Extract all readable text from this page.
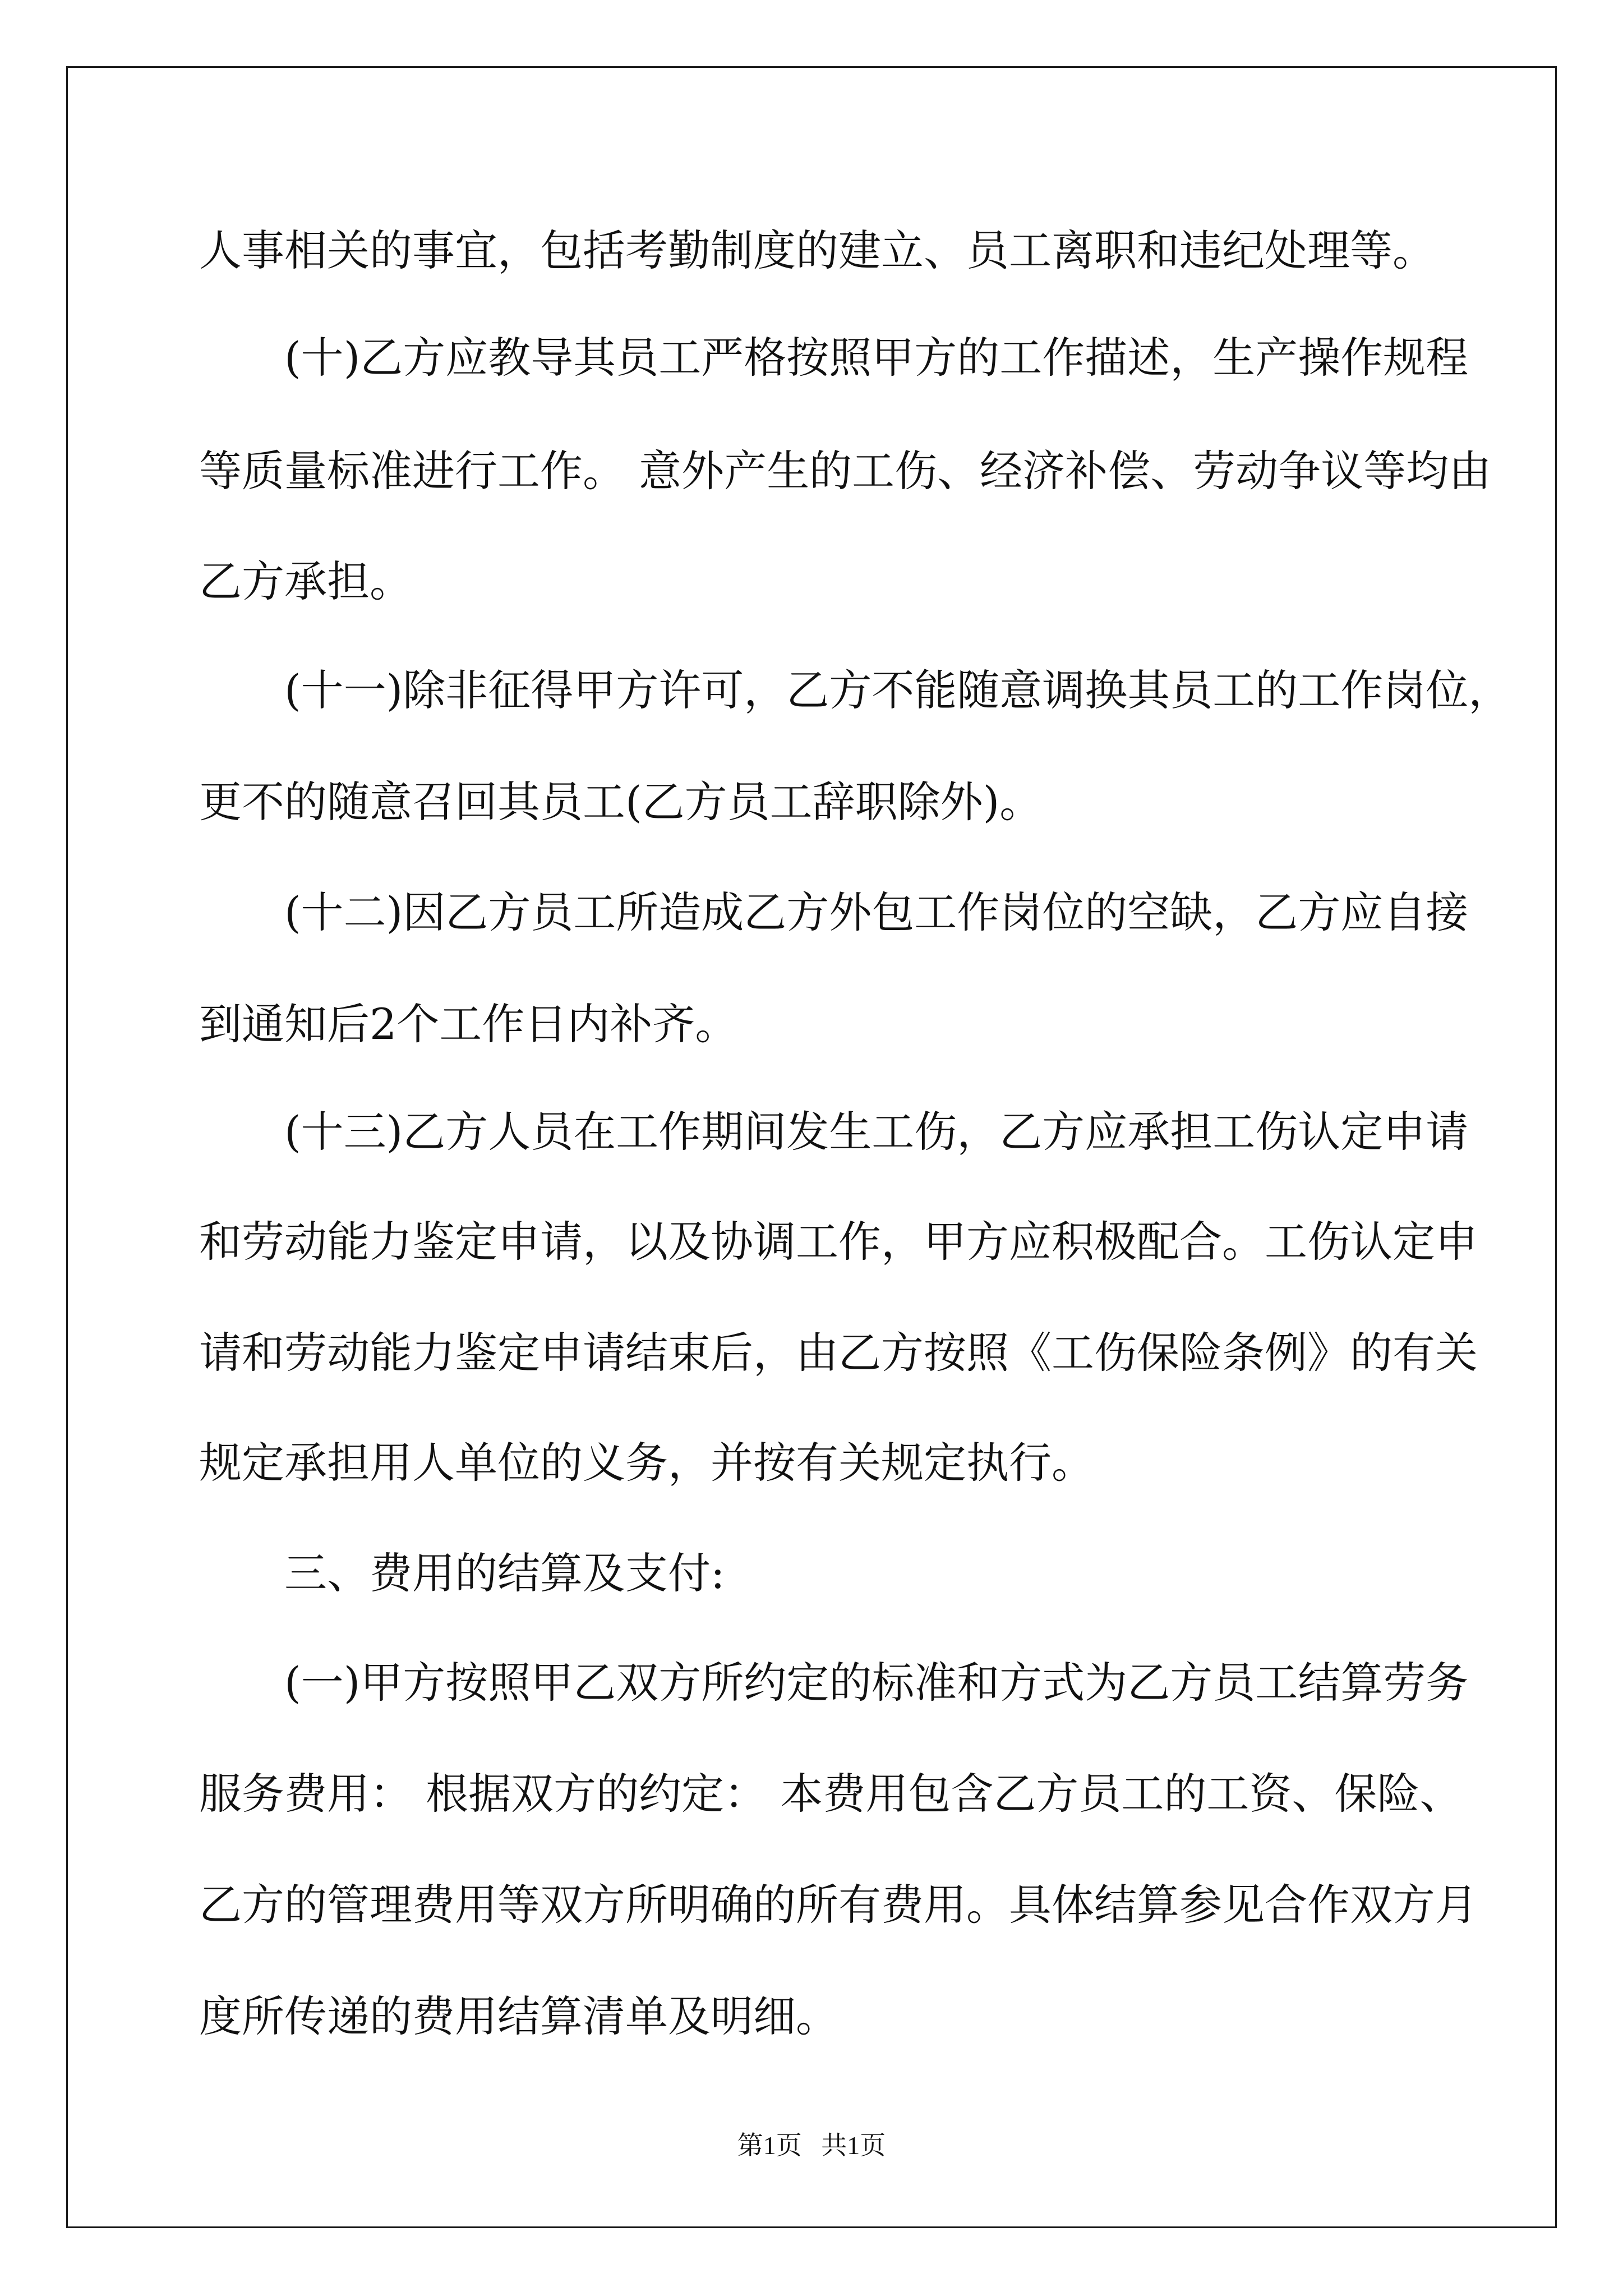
人事相关的事宜，包括考勤制度的建立、员工离职和违纪处理等。

　　(十)乙方应教导其员工严格按照甲方的工作描述，生产操作规程

等质量标准进行工作。 意外产生的工伤、经济补偿、劳动争议等均由

乙方承担。

　　(十一)除非征得甲方许可，乙方不能随意调换其员工的工作岗位，

更不的随意召回其员工(乙方员工辞职除外)。

　　(十二)因乙方员工所造成乙方外包工作岗位的空缺，乙方应自接

到通知后2个工作日内补齐。

　　(十三)乙方人员在工作期间发生工伤，乙方应承担工伤认定申请

和劳动能力鉴定申请，以及协调工作，甲方应积极配合。工伤认定申

请和劳动能力鉴定申请结束后，由乙方按照《工伤保险条例》的有关

规定承担用人单位的义务，并按有关规定执行。

　　三、费用的结算及支付:

　　(一)甲方按照甲乙双方所约定的标准和方式为乙方员工结算劳务

服务费用： 根据双方的约定： 本费用包含乙方员工的工资、保险、

乙方的管理费用等双方所明确的所有费用。具体结算参见合作双方月

度所传递的费用结算清单及明细。

第1页   共1页
